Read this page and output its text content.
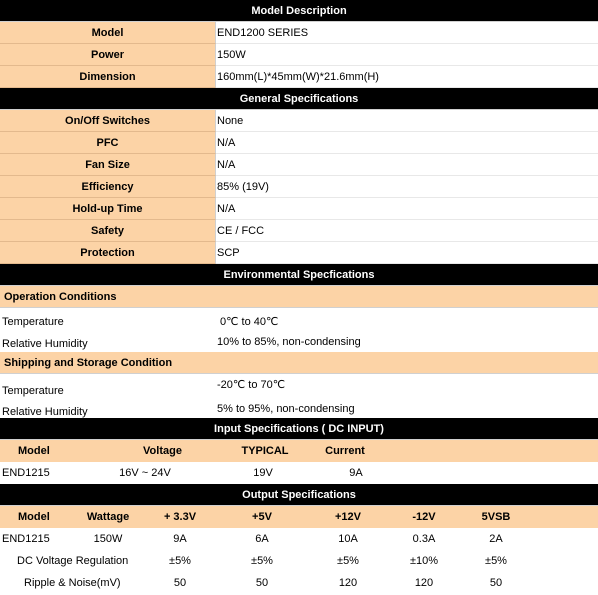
Model Description
Model	END1200 SERIES
Power	150W
Dimension	160mm(L)*45mm(W)*21.6mm(H)
General Specifications
On/Off Switches	None
PFC	N/A
Fan Size	N/A
Efficiency	85% (19V)
Hold-up Time	N/A
Safety	CE / FCC
Protection	SCP
Environmental Specfications
Operation Conditions
Temperature	0℃ to 40℃
Relative Humidity	10% to 85%, non-condensing
Shipping and Storage Condition
Temperature	-20℃ to 70℃
Relative Humidity	5% to 95%, non-condensing
Input Specifications ( DC INPUT)
Model	Voltage	TYPICAL	Current
END1215	16V ~ 24V	19V	9A
Output Specifications
Model	Wattage	+ 3.3V	+5V	+12V	-12V	5VSB
END1215	150W	9A	6A	10A	0.3A	2A
DC Voltage Regulation	±5%	±5%	±5%	±10%	±5%
Ripple & Noise(mV)	50	50	120	120	50
